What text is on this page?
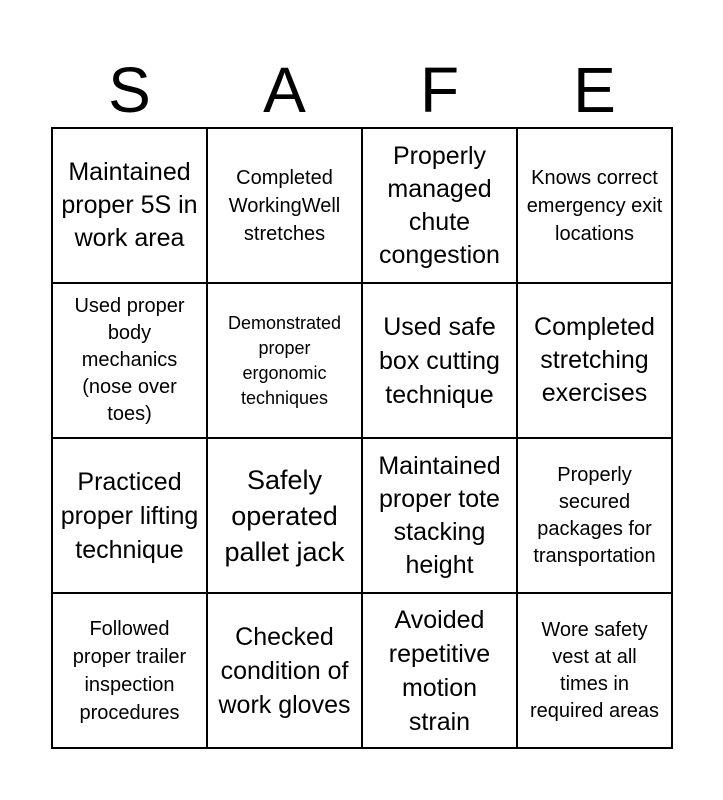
S	A	F	E
Maintained proper 5S in work area
Completed WorkingWell stretches
Properly managed chute congestion
Knows correct emergency exit locations
Used proper body mechanics (nose over toes)
Demonstrated proper ergonomic techniques
Used safe box cutting technique
Completed stretching exercises
Practiced proper lifting technique
Safely operated pallet jack
Maintained proper tote stacking height
Properly secured packages for transportation
Followed proper trailer inspection procedures
Checked condition of work gloves
Avoided repetitive motion strain
Wore safety vest at all times in required areas
